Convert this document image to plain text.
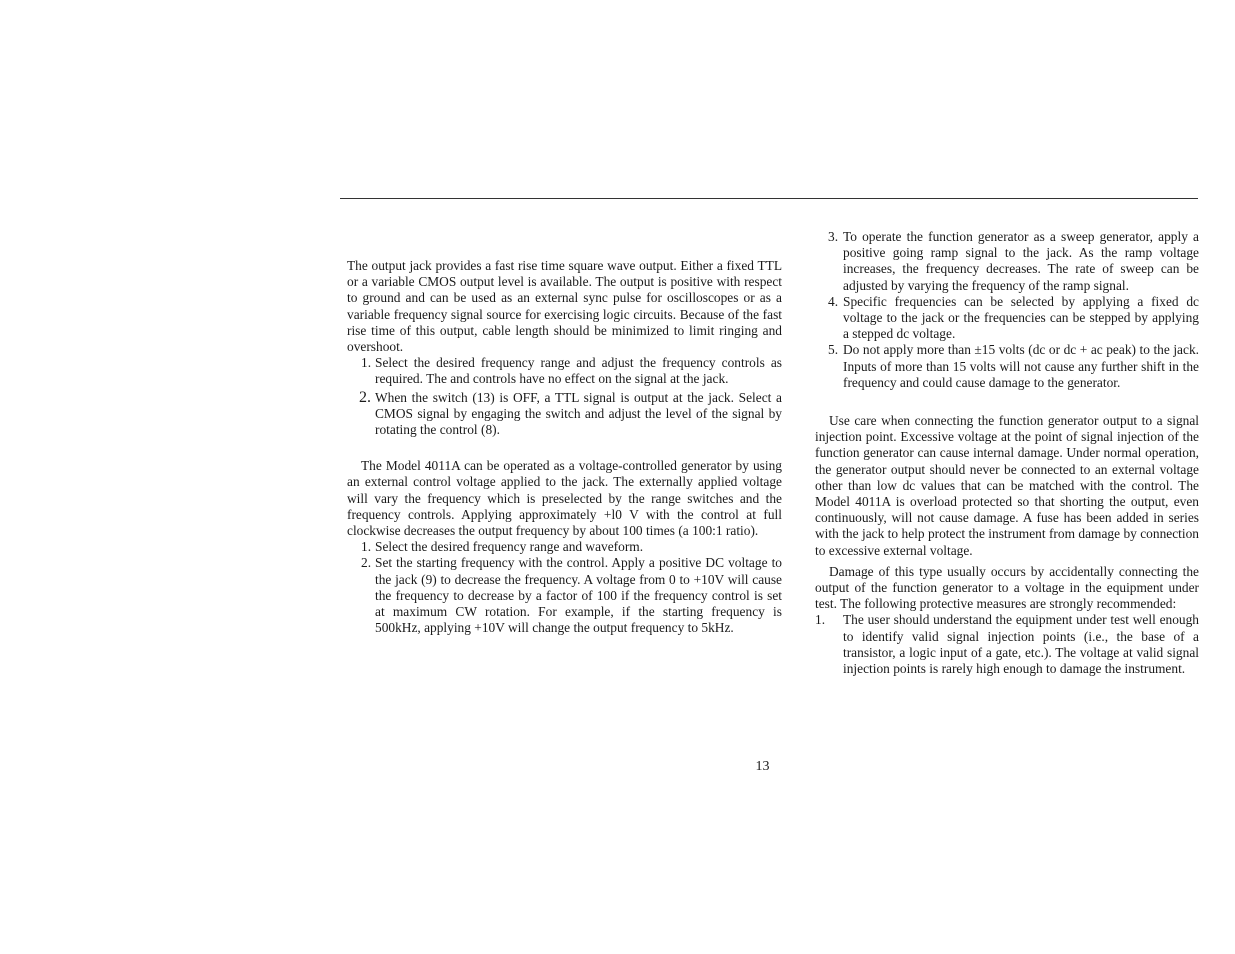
The output jack provides a fast rise time square wave output. Either a fixed TTL or a variable CMOS output level is available. The output is positive with respect to ground and can be used as an external sync pulse for oscilloscopes or as a variable frequency signal source for exercising logic circuits. Because of the fast rise time of this output, cable length should be minimized to limit ringing and overshoot.

1. Select the desired frequency range and adjust the frequency controls as required. The and controls have no effect on the signal at the jack.
2. When the switch (13) is OFF, a TTL signal is output at the jack. Select a CMOS signal by engaging the switch and adjust the level of the signal by rotating the control (8).

The Model 4011A can be operated as a voltage-controlled generator by using an external control voltage applied to the jack. The externally applied voltage will vary the frequency which is preselected by the range switches and the frequency controls. Applying approximately +l0 V with the control at full clockwise decreases the output frequency by about 100 times (a 100:1 ratio).

1. Select the desired frequency range and waveform.
2. Set the starting frequency with the control. Apply a positive DC voltage to the jack (9) to decrease the frequency. A voltage from 0 to +10V will cause the frequency to decrease by a factor of 100 if the frequency control is set at maximum CW rotation. For example, if the starting frequency is 500kHz, applying +10V will change the output frequency to 5kHz.
3. To operate the function generator as a sweep generator, apply a positive going ramp signal to the jack. As the ramp voltage increases, the frequency decreases. The rate of sweep can be adjusted by varying the frequency of the ramp signal.
4. Specific frequencies can be selected by applying a fixed dc voltage to the jack or the frequencies can be stepped by applying a stepped dc voltage.
5. Do not apply more than ±15 volts (dc or dc + ac peak) to the jack. Inputs of more than 15 volts will not cause any further shift in the frequency and could cause damage to the generator.

Use care when connecting the function generator output to a signal injection point. Excessive voltage at the point of signal injection of the function generator can cause internal damage. Under normal operation, the generator output should never be connected to an external voltage other than low dc values that can be matched with the control. The Model 4011A is overload protected so that shorting the output, even continuously, will not cause damage. A fuse has been added in series with the jack to help protect the instrument from damage by connection to excessive external voltage.

Damage of this type usually occurs by accidentally connecting the output of the function generator to a voltage in the equipment under test. The following protective measures are strongly recommended:

1. The user should understand the equipment under test well enough to identify valid signal injection points (i.e., the base of a transistor, a logic input of a gate, etc.). The voltage at valid signal injection points is rarely high enough to damage the instrument.
13
